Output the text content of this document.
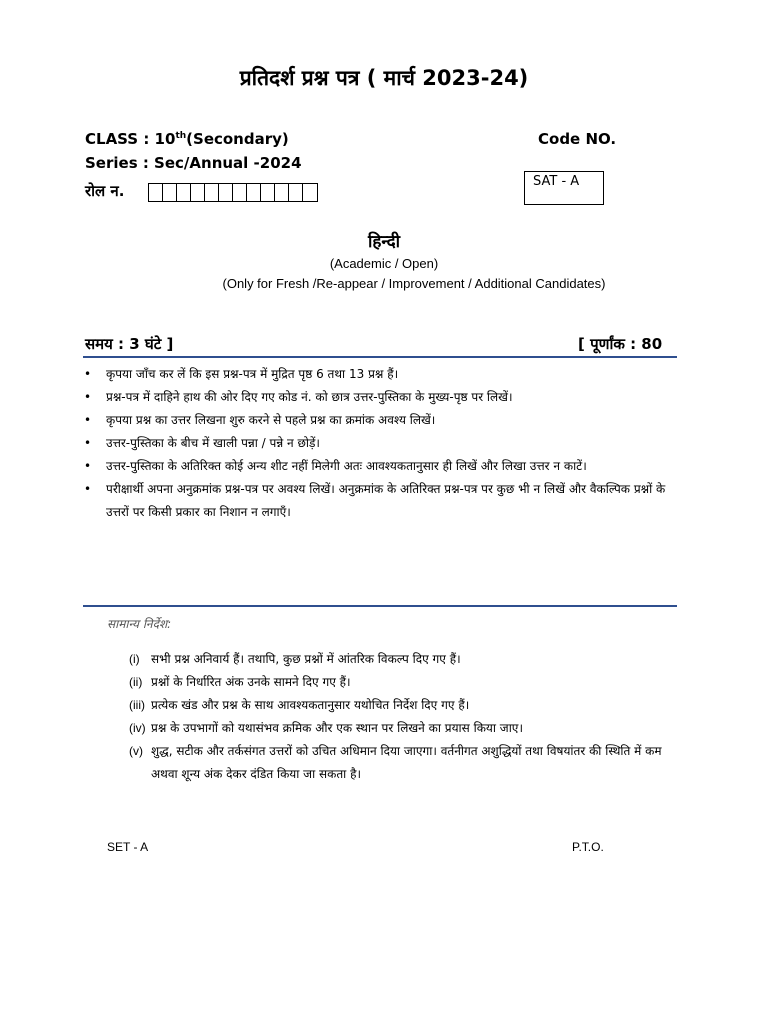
प्रतिदर्श प्रश्न पत्र ( मार्च 2023-24)
CLASS : 10th(Secondary)	Code NO.
Series : Sec/Annual -2024
रोल न.
SAT - A
हिन्दी
(Academic / Open)
(Only for Fresh /Re-appear / Improvement / Additional Candidates)
समय : 3 घंटे ]	[ पूर्णांक : 80
• कृपया जाँच कर लें कि इस प्रश्न-पत्र में मुद्रित पृष्ठ 6 तथा 13 प्रश्न हैं।
• प्रश्न-पत्र में दाहिने हाथ की ओर दिए गए कोड नं. को छात्र उत्तर-पुस्तिका के मुख्य-पृष्ठ पर लिखें।
• कृपया प्रश्न का उत्तर लिखना शुरु करने से पहले प्रश्न का क्रमांक अवश्य लिखें।
• उत्तर-पुस्तिका के बीच में खाली पन्ना / पन्ने न छोड़ें।
• उत्तर-पुस्तिका के अतिरिक्त कोई अन्य शीट नहीं मिलेगी अतः आवश्यकतानुसार ही लिखें और लिखा उत्तर न काटें।
• परीक्षार्थी अपना अनुक्रमांक प्रश्न-पत्र पर अवश्य लिखें। अनुक्रमांक के अतिरिक्त प्रश्न-पत्र पर कुछ भी न लिखें और वैकल्पिक प्रश्नों के उत्तरों पर किसी प्रकार का निशान न लगाएँ।
सामान्य निर्देश:
(i) सभी प्रश्न अनिवार्य हैं। तथापि, कुछ प्रश्नों में आंतरिक विकल्प दिए गए हैं।
(ii) प्रश्नों के निर्धारित अंक उनके सामने दिए गए हैं।
(iii) प्रत्येक खंड और प्रश्न के साथ आवश्यकतानुसार यथोचित निर्देश दिए गए हैं।
(iv) प्रश्न के उपभागों को यथासंभव क्रमिक और एक स्थान पर लिखने का प्रयास किया जाए।
(v) शुद्ध, सटीक और तर्कसंगत उत्तरों को उचित अधिमान दिया जाएगा। वर्तनीगत अशुद्धियों तथा विषयांतर की स्थिति में कम अथवा शून्य अंक देकर दंडित किया जा सकता है।
SET - A	P.T.O.
